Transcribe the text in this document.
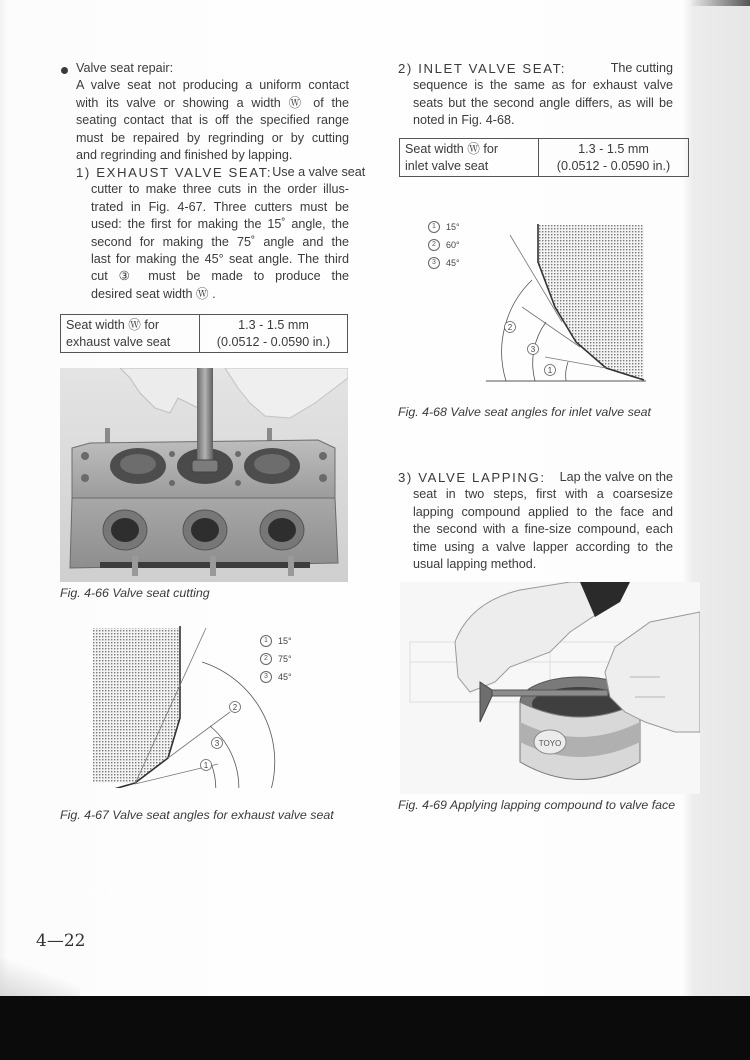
Valve seat repair:
A valve seat not producing a uniform contact
with its valve or showing a width Ⓦ of the
seating contact that is off the specified range
must be repaired by regrinding or by cutting
and regrinding and finished by lapping.
1) EXHAUST VALVE SEAT: Use a valve seat
cutter to make three cuts in the order illus-
trated in Fig. 4-67. Three cutters must be
used: the first for making the 15˚ angle, the
second for making the 75˚ angle and the
last for making the 45° seat angle. The third
cut ③ must be made to produce the
desired seat width Ⓦ .
Seat width Ⓦ for
exhaust valve seat

1.3 - 1.5 mm
(0.0512 - 0.0590 in.)
Fig. 4-66 Valve seat cutting
2
3
1
1	15°
2	75°
3	45°
Fig. 4-67 Valve seat angles for exhaust valve seat
2) INLET VALVE SEAT:	The cutting
sequence is the same as for exhaust valve
seats but the second angle differs, as will be
noted in Fig. 4-68.
Seat width Ⓦ for
inlet valve seat

1.3 - 1.5 mm
(0.0512 - 0.0590 in.)
2
3
1
1	15°
2	60°
3	45°
Fig. 4-68 Valve seat angles for inlet valve seat
3) VALVE LAPPING: Lap the valve on the
seat in two steps, first with a coarsesize
lapping compound applied to the face and
the second with a fine-size compound, each
time using a valve lapper according to the
usual lapping method.
TOYO
Fig. 4-69 Applying lapping compound to valve face
4—22
